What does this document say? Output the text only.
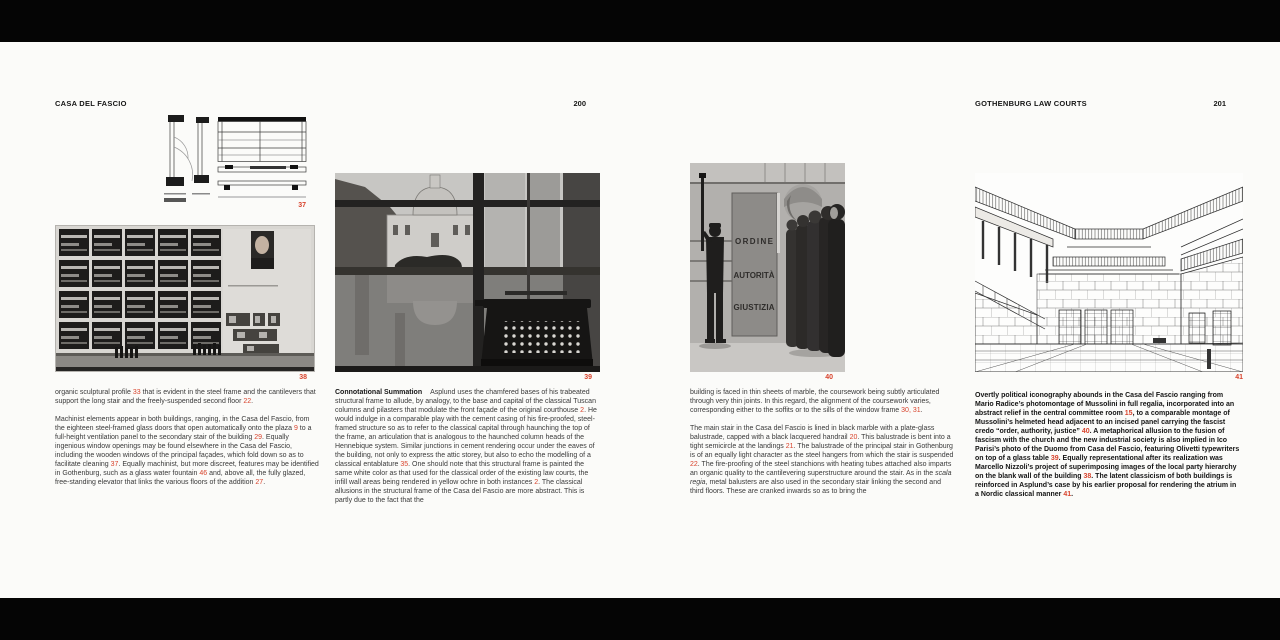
CASA DEL FASCIO	200	GOTHENBURG LAW COURTS	201
37
38	39
ORDINE
AUTORITÀ
GIUSTIZIA
40	41

organic sculptural profile 33 that is evident in the steel frame and the cantilevers that support the long stair and the freely-suspended second floor 22.

Machinist elements appear in both buildings, ranging, in the Casa del Fascio, from the eighteen steel-framed glass doors that open automatically onto the plaza 9 to a full-height ventilation panel to the secondary stair of the building 29. Equally ingenious window openings may be found elsewhere in the Casa del Fascio, including the wooden windows of the principal façades, which fold down so as to facilitate cleaning 37. Equally machinist, but more discreet, features may be identified in Gothenburg, such as a glass water fountain 46 and, above all, the fully glazed, free-standing elevator that links the various floors of the addition 27.

Connotational Summation Asplund uses the chamfered bases of his trabeated structural frame to allude, by analogy, to the base and capital of the classical Tuscan columns and pilasters that modulate the front façade of the original courthouse 2. He would indulge in a comparable play with the cement casing of his fire-proofed, steel-framed structure so as to refer to the classical capital through haunching the top of the frame, an articulation that is analogous to the haunched column heads of the Hennebique system. Similar junctions in cement rendering occur under the eaves of the building, not only to express the attic storey, but also to echo the modelling of a classical entablature 35. One should note that this structural frame is painted the same white color as that used for the classical order of the existing law courts, the infill wall areas being rendered in yellow ochre in both instances 2. The classical allusions in the structural frame of the Casa del Fascio are more abstract. This is partly due to the fact that the

building is faced in thin sheets of marble, the coursework being subtly articulated through very thin joints. In this regard, the alignment of the coursework varies, corresponding either to the soffits or to the sills of the window frame 30, 31.

The main stair in the Casa del Fascio is lined in black marble with a plate-glass balustrade, capped with a black lacquered handrail 20. This balustrade is bent into a tight semicircle at the landings 21. The balustrade of the principal stair in Gothenburg is of an equally light character as the steel hangers from which the stair is suspended 22. The fire-proofing of the steel stanchions with heating tubes attached also imparts an organic quality to the cantilevering superstructure around the stair. As in the scala regia, metal balusters are also used in the secondary stair linking the second and third floors. These are cranked inwards so as to bring the

Overtly political iconography abounds in the Casa del Fascio ranging from Mario Radice’s photomontage of Mussolini in full regalia, incorporated into an abstract relief in the central committee room 15, to a comparable montage of Mussolini’s helmeted head adjacent to an incised panel carrying the fascist credo “order, authority, justice” 40. A metaphorical allusion to the fusion of fascism with the church and the new industrial society is also implied in Ico Parisi’s photo of the Duomo from Casa del Fascio, featuring Olivetti typewriters on top of a glass table 39. Equally representational after its realization was Marcello Nizzoli’s project of superimposing images of the local party hierarchy on the blank wall of the building 38. The latent classicism of both buildings is reinforced in Asplund’s case by his earlier proposal for rendering the atrium in a Nordic classical manner 41.
